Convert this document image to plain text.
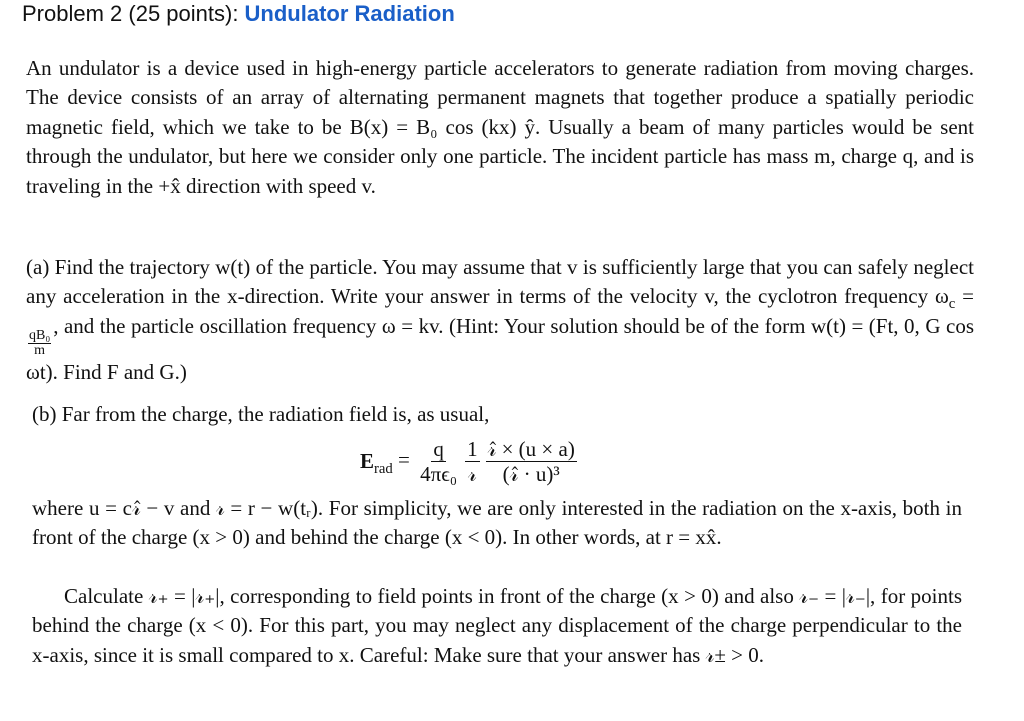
Problem 2 (25 points): Undulator Radiation
An undulator is a device used in high-energy particle accelerators to generate radiation from moving charges. The device consists of an array of alternating permanent magnets that together produce a spatially periodic magnetic field, which we take to be B(x) = B₀ cos (kx) ŷ. Usually a beam of many particles would be sent through the undulator, but here we consider only one particle. The incident particle has mass m, charge q, and is traveling in the +x̂ direction with speed v.
(a) Find the trajectory w(t) of the particle. You may assume that v is sufficiently large that you can safely neglect any acceleration in the x-direction. Write your answer in terms of the velocity v, the cyclotron frequency $\omega_c$ =
$\frac{\text{qB₀}}{m}$
, and the particle oscillation frequency ω = kv. (Hint: Your solution should be of the form w(t) = (Ft, 0, G cos ωt). Find F and G.)
(b) Far from the charge, the radiation field is, as usual,
$E_{rad} = \frac{q}{\text{4πϵ₀}} \frac{1}{\text{𝓇}} \frac{\text{𝓇̂ × (u × a)}}{\text{(𝓇̂ · u)³}}$
where u = c𝓇̂ − v and 𝓇 = r − w(tᵣ). For simplicity, we are only interested in the radiation on the x-axis, both in front of the charge (x > 0) and behind the charge (x < 0). In other words, at r = xx̂.
Calculate 𝓇₊ = |𝓇₊|, corresponding to field points in front of the charge (x > 0) and also 𝓇₋ = |𝓇₋|, for points behind the charge (x < 0). For this part, you may neglect any displacement of the charge perpendicular to the x-axis, since it is small compared to x. Careful: Make sure that your answer has 𝓇± > 0.
